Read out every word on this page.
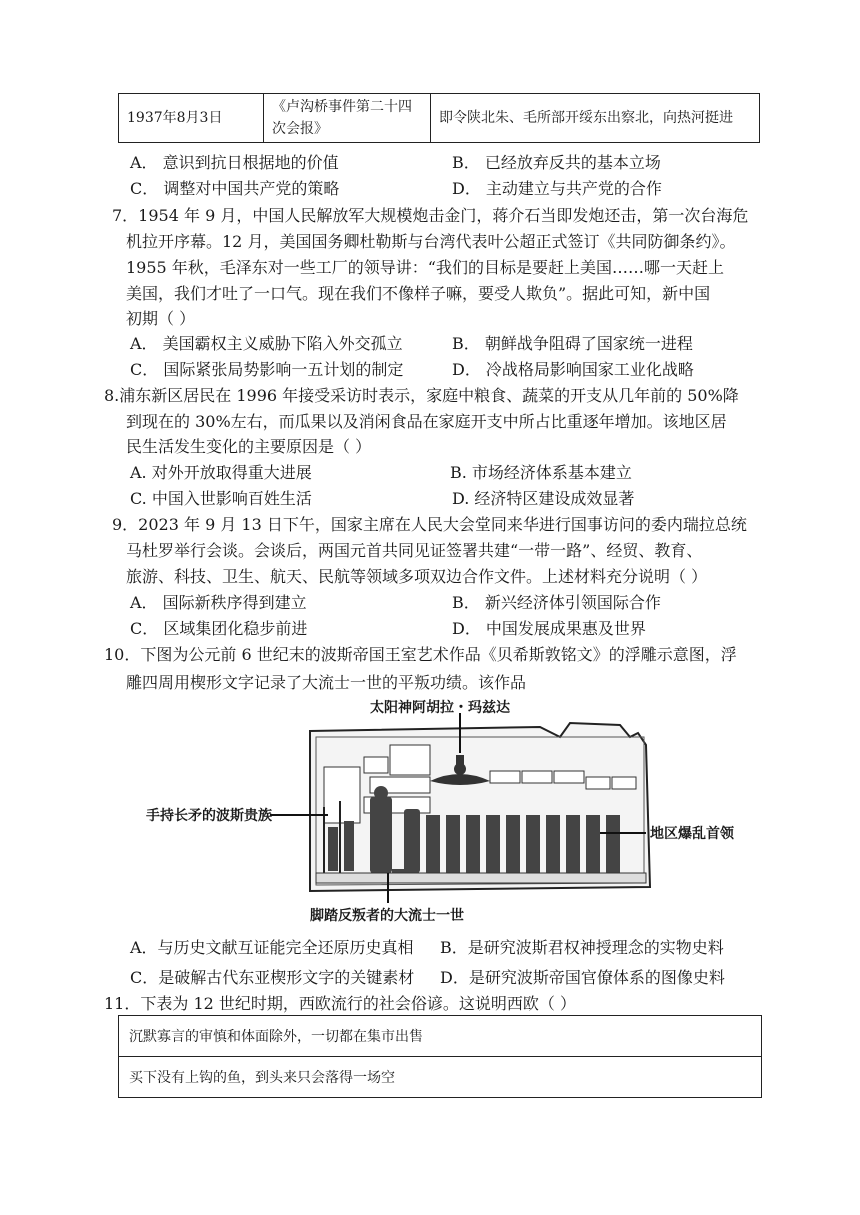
1937年8月3日	《卢沟桥事件第二十四次会报》	即令陕北朱、毛所部开绥东出察北，向热河挺进
A． 意识到抗日根据地的价值	B． 已经放弃反共的基本立场
C． 调整对中国共产党的策略	D． 主动建立与共产党的合作
7．1954 年 9 月，中国人民解放军大规模炮击金门，蒋介石当即发炮还击，第一次台海危
机拉开序幕。12 月，美国国务卿杜勒斯与台湾代表叶公超正式签订《共同防御条约》。
1955 年秋，毛泽东对一些工厂的领导讲：“我们的目标是要赶上美国……哪一天赶上
美国，我们才吐了一口气。现在我们不像样子嘛，要受人欺负”。据此可知，新中国
初期（ ）
A． 美国霸权主义威胁下陷入外交孤立	B． 朝鲜战争阻碍了国家统一进程
C． 国际紧张局势影响一五计划的制定	D． 冷战格局影响国家工业化战略
8.浦东新区居民在 1996 年接受采访时表示，家庭中粮食、蔬菜的开支从几年前的 50%降
到现在的 30%左右，而瓜果以及消闲食品在家庭开支中所占比重逐年增加。该地区居
民生活发生变化的主要原因是（ ）
A. 对外开放取得重大进展	B. 市场经济体系基本建立
C. 中国入世影响百姓生活	D. 经济特区建设成效显著
9．2023 年 9 月 13 日下午，国家主席在人民大会堂同来华进行国事访问的委内瑞拉总统
马杜罗举行会谈。会谈后，两国元首共同见证签署共建“一带一路”、经贸、教育、
旅游、科技、卫生、航天、民航等领域多项双边合作文件。上述材料充分说明（ ）
A． 国际新秩序得到建立	B． 新兴经济体引领国际合作
C． 区域集团化稳步前进	D． 中国发展成果惠及世界
10．下图为公元前 6 世纪末的波斯帝国王室艺术作品《贝希斯敦铭文》的浮雕示意图，浮
雕四周用楔形文字记录了大流士一世的平叛功绩。该作品
太阳神阿胡拉・玛兹达
手持长矛的波斯贵族
地区爆乱首领
脚踏反叛者的大流士一世
A．与历史文献互证能完全还原历史真相 B．是研究波斯君权神授理念的实物史料
C．是破解古代东亚楔形文字的关键素材 D．是研究波斯帝国官僚体系的图像史料
11．下表为 12 世纪时期，西欧流行的社会俗谚。这说明西欧（ ）
沉默寡言的审慎和体面除外，一切都在集市出售
买下没有上钩的鱼，到头来只会落得一场空
